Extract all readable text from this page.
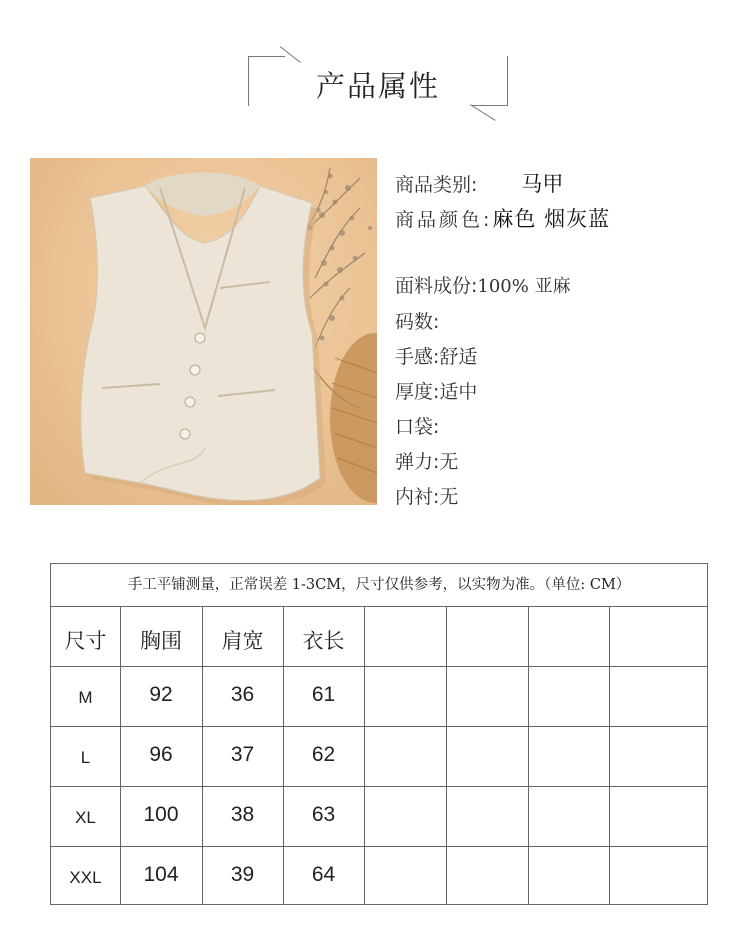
产品属性
商品类别: 马甲
商品颜色:麻色 烟灰蓝
面料成份:100% 亚麻
码数:
手感:舒适
厚度:适中
口袋:
弹力:无
内衬:无
手工平铺测量，正常误差 1-3CM，尺寸仅供参考，以实物为准。（单位: CM）
尺寸	胸围	肩宽	衣长
M	92	36	61
L	96	37	62
XL	100	38	63
XXL	104	39	64
